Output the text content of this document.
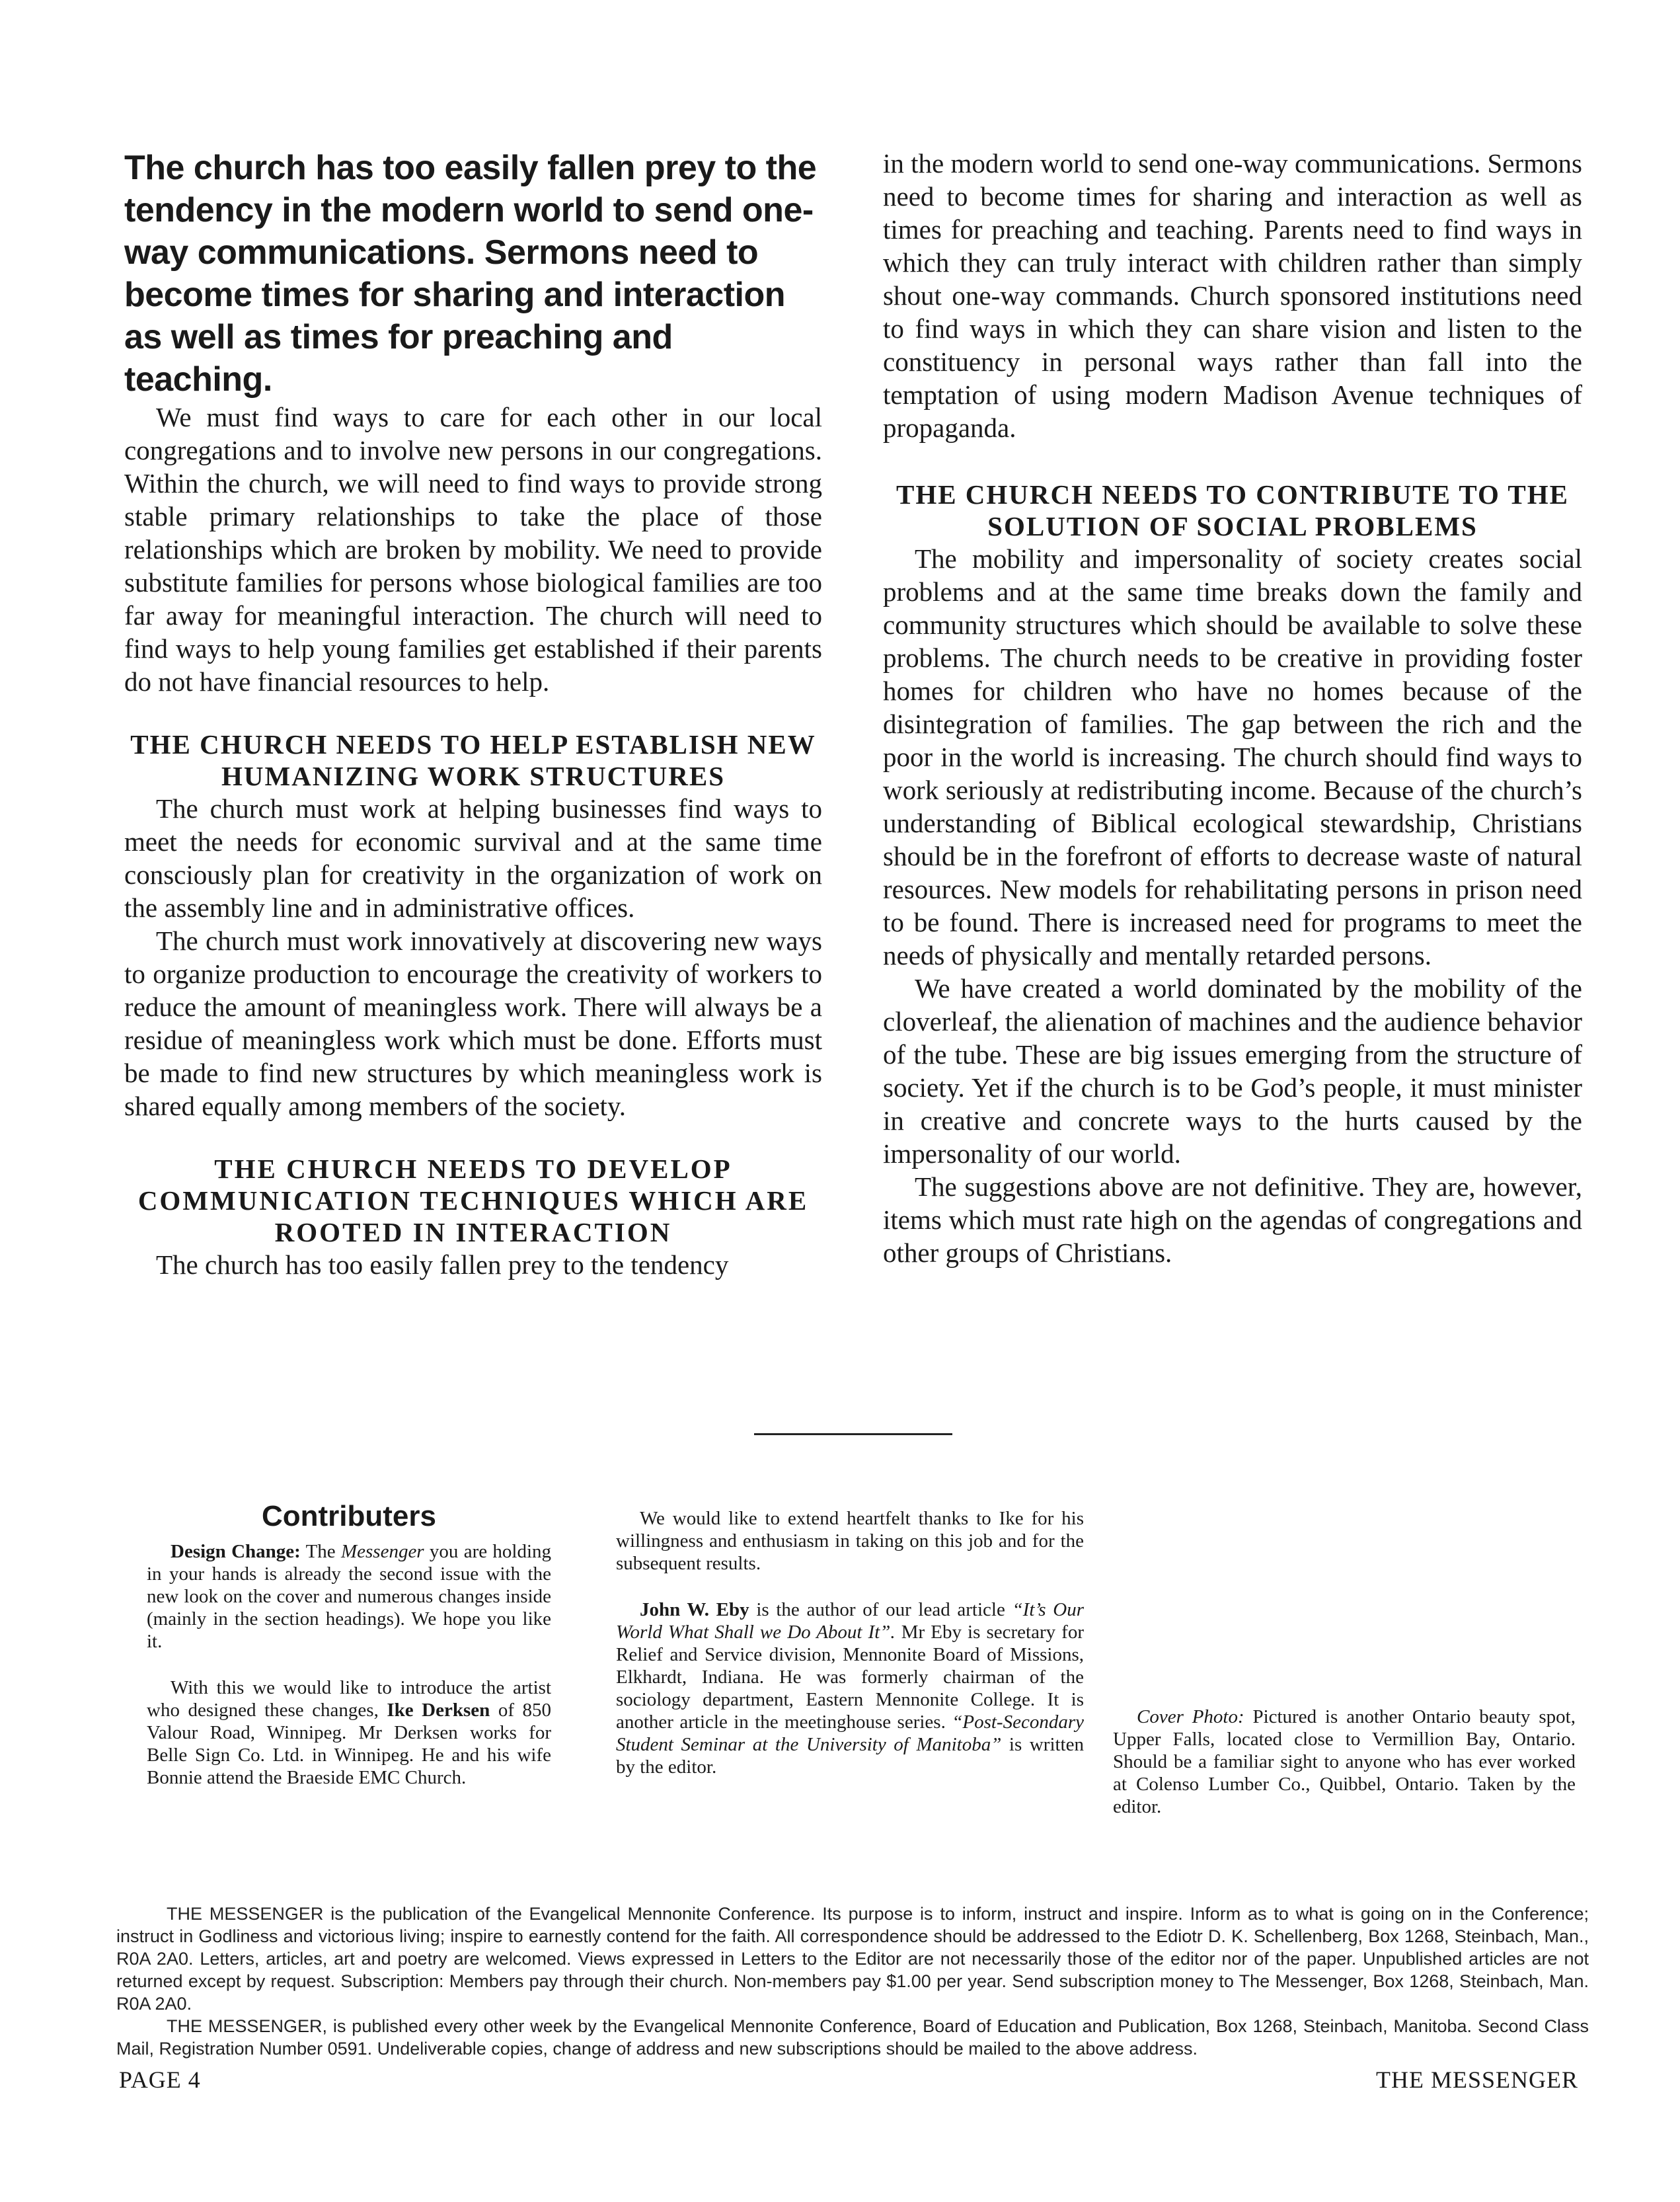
The church has too easily fallen prey to the tendency in the modern world to send one-way communications. Sermons need to become times for sharing and interaction as well as times for preaching and teaching.

We must find ways to care for each other in our local congregations and to involve new persons in our congregations. Within the church, we will need to find ways to provide strong stable primary relationships to take the place of those relationships which are broken by mobility. We need to provide substitute families for persons whose biological families are too far away for meaningful interaction. The church will need to find ways to help young families get established if their parents do not have financial resources to help.

THE CHURCH NEEDS TO HELP ESTABLISH NEW HUMANIZING WORK STRUCTURES

The church must work at helping businesses find ways to meet the needs for economic survival and at the same time consciously plan for creativity in the organization of work on the assembly line and in administrative offices.

The church must work innovatively at discovering new ways to organize production to encourage the creativity of workers to reduce the amount of meaningless work. There will always be a residue of meaningless work which must be done. Efforts must be made to find new structures by which meaningless work is shared equally among members of the society.

THE CHURCH NEEDS TO DEVELOP COMMUNICATION TECHNIQUES WHICH ARE ROOTED IN INTERACTION

The church has too easily fallen prey to the tendency

in the modern world to send one-way communications. Sermons need to become times for sharing and interaction as well as times for preaching and teaching. Parents need to find ways in which they can truly interact with children rather than simply shout one-way commands. Church sponsored institutions need to find ways in which they can share vision and listen to the constituency in personal ways rather than fall into the temptation of using modern Madison Avenue techniques of propaganda.

THE CHURCH NEEDS TO CONTRIBUTE TO THE SOLUTION OF SOCIAL PROBLEMS

The mobility and impersonality of society creates social problems and at the same time breaks down the family and community structures which should be available to solve these problems. The church needs to be creative in providing foster homes for children who have no homes because of the disintegration of families. The gap between the rich and the poor in the world is increasing. The church should find ways to work seriously at redistributing income. Because of the church’s understanding of Biblical ecological stewardship, Christians should be in the forefront of efforts to decrease waste of natural resources. New models for rehabilitating persons in prison need to be found. There is increased need for programs to meet the needs of physically and mentally retarded persons.

We have created a world dominated by the mobility of the cloverleaf, the alienation of machines and the audience behavior of the tube. These are big issues emerging from the structure of society. Yet if the church is to be God’s people, it must minister in creative and concrete ways to the hurts caused by the impersonality of our world.

The suggestions above are not definitive. They are, however, items which must rate high on the agendas of congregations and other groups of Christians.

Contributers

Design Change: The Messenger you are holding in your hands is already the second issue with the new look on the cover and numerous changes inside (mainly in the section headings). We hope you like it.

With this we would like to introduce the artist who designed these changes, Ike Derksen of 850 Valour Road, Winnipeg. Mr Derksen works for Belle Sign Co. Ltd. in Winnipeg. He and his wife Bonnie attend the Braeside EMC Church.

We would like to extend heartfelt thanks to Ike for his willingness and enthusiasm in taking on this job and for the subsequent results.

John W. Eby is the author of our lead article “It’s Our World What Shall we Do About It”. Mr Eby is secretary for Relief and Service division, Mennonite Board of Missions, Elkhardt, Indiana. He was formerly chairman of the sociology department, Eastern Mennonite College. It is another article in the meetinghouse series. “Post-Secondary Student Seminar at the University of Manitoba” is written by the editor.

Cover Photo: Pictured is another Ontario beauty spot, Upper Falls, located close to Vermillion Bay, Ontario. Should be a familiar sight to anyone who has ever worked at Colenso Lumber Co., Quibbel, Ontario. Taken by the editor.

THE MESSENGER is the publication of the Evangelical Mennonite Conference. Its purpose is to inform, instruct and inspire. Inform as to what is going on in the Conference; instruct in Godliness and victorious living; inspire to earnestly contend for the faith. All correspondence should be addressed to the Ediotr D. K. Schellenberg, Box 1268, Steinbach, Man., R0A 2A0. Letters, articles, art and poetry are welcomed. Views expressed in Letters to the Editor are not necessarily those of the editor nor of the paper. Unpublished articles are not returned except by request. Subscription: Members pay through their church. Non-members pay $1.00 per year. Send subscription money to The Messenger, Box 1268, Steinbach, Man. R0A 2A0.

THE MESSENGER, is published every other week by the Evangelical Mennonite Conference, Board of Education and Publication, Box 1268, Steinbach, Manitoba. Second Class Mail, Registration Number 0591. Undeliverable copies, change of address and new subscriptions should be mailed to the above address.

PAGE 4	THE MESSENGER
